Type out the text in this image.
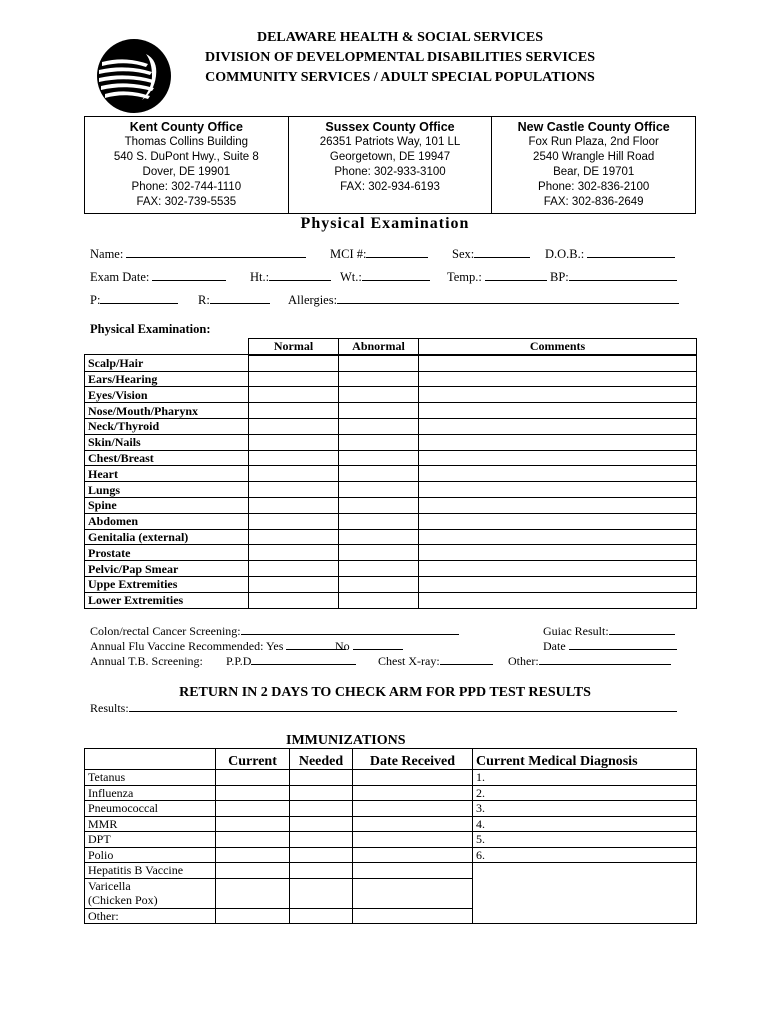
DELAWARE HEALTH & SOCIAL SERVICES
DIVISION OF DEVELOPMENTAL DISABILITIES SERVICES
COMMUNITY SERVICES / ADULT SPECIAL POPULATIONS
Kent County Office
Thomas Collins Building
540 S. DuPont Hwy., Suite 8
Dover, DE 19901
Phone: 302-744-1110
FAX: 302-739-5535
Sussex County Office
26351 Patriots Way, 101 LL
Georgetown, DE 19947
Phone: 302-933-3100
FAX: 302-934-6193
New Castle County Office
Fox Run Plaza, 2nd Floor
2540 Wrangle Hill Road
Bear, DE 19701
Phone: 302-836-2100
FAX: 302-836-2649
Physical Examination
Name:	MCI #:	Sex:	D.O.B.:
Exam Date:	Ht.:	Wt.:	Temp.:	BP:
P:	R:	Allergies:
Physical Examination:
	Normal	Abnormal	Comments
Scalp/Hair			
Ears/Hearing			
Eyes/Vision			
Nose/Mouth/Pharynx			
Neck/Thyroid			
Skin/Nails			
Chest/Breast			
Heart			
Lungs			
Spine			
Abdomen			
Genitalia (external)			
Prostate			
Pelvic/Pap Smear			
Uppe Extremities			
Lower Extremities			
Colon/rectal Cancer Screening:	Guiac Result:
Annual Flu Vaccine Recommended: Yes	No	Date
Annual T.B. Screening: P.P.D	Chest X-ray:	Other:
RETURN IN 2 DAYS TO CHECK ARM FOR PPD TEST RESULTS
Results:
IMMUNIZATIONS
	Current	Needed	Date Received	Current Medical Diagnosis
Tetanus				1.
Influenza				2.
Pneumococcal				3.
MMR				4.
DPT				5.
Polio				6.
Hepatitis B Vaccine				
Varicella				
(Chicken Pox)				
Other:				
